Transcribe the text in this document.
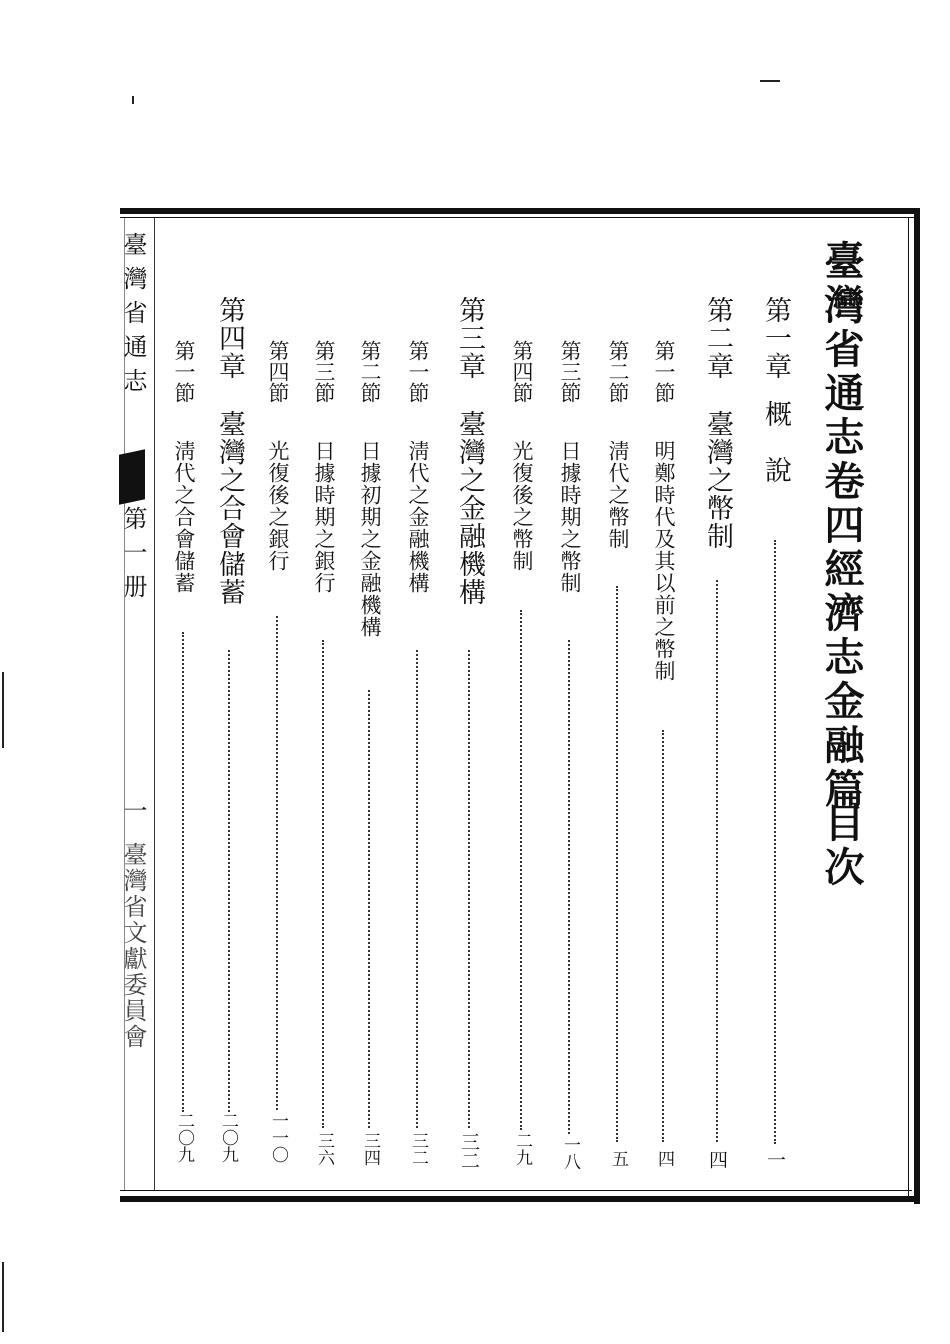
臺灣省通志卷四經濟志金融篇
目次
第一章
概　說
一
第二章
臺灣之幣制
四
第一節
明鄭時代及其以前之幣制
四
第二節
淸代之幣制
五
第三節
日據時期之幣制
一八
第四節
光復後之幣制
二九
第三章
臺灣之金融機構
三二
第一節
淸代之金融機構
三二
第二節
日據初期之金融機構
三四
第三節
日據時期之銀行
三六
第四節
光復後之銀行
一一〇
第四章
臺灣之合會儲蓄
二〇九
第一節
淸代之合會儲蓄
二〇九
臺灣省通志
第一册
一
臺灣省文獻委員會
